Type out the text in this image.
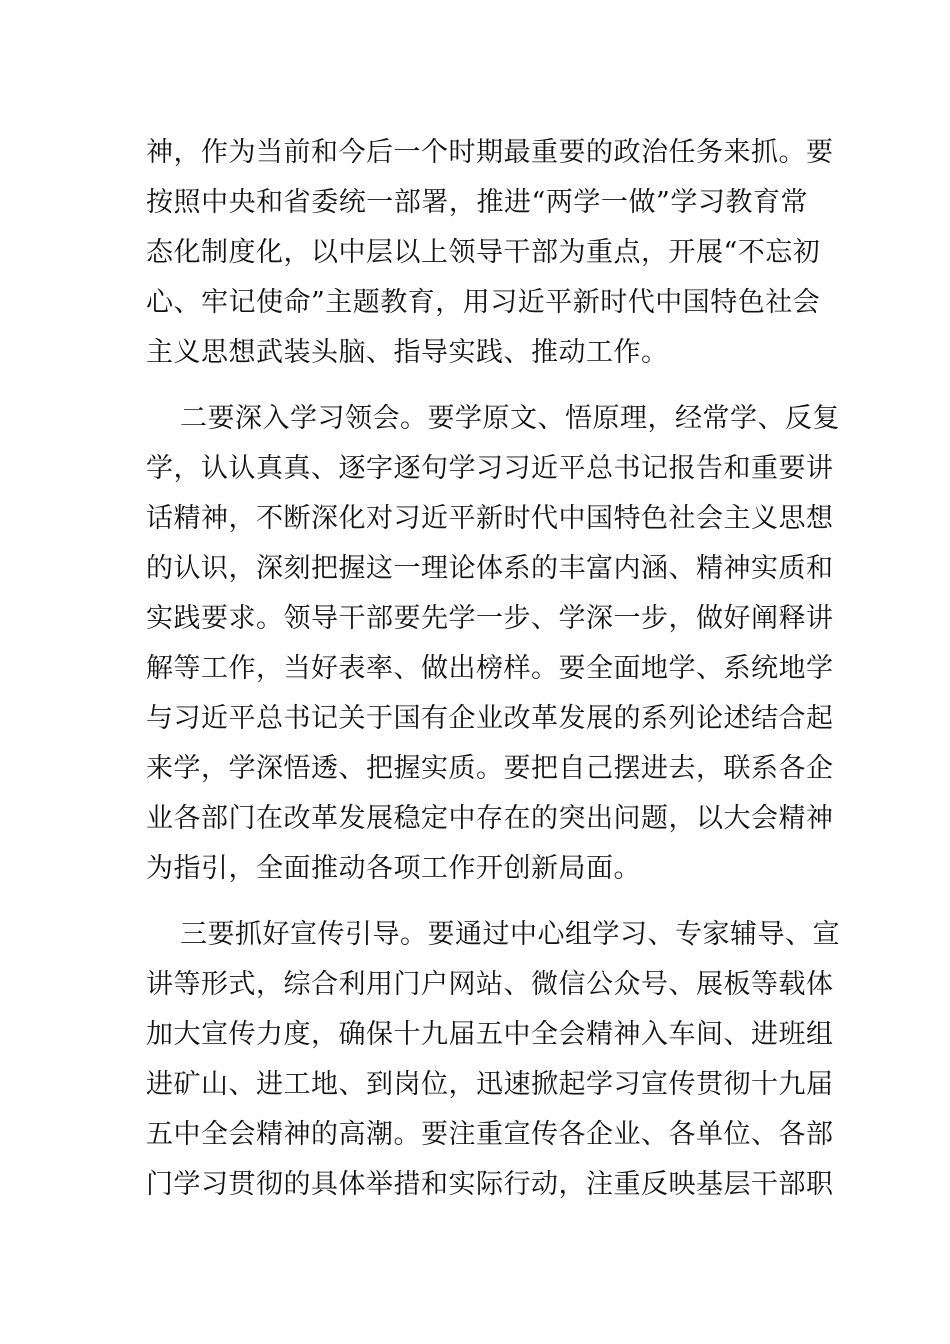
神，作为当前和今后一个时期最重要的政治任务来抓。要
按照中央和省委统一部署，推进“两学一做”学习教育常
态化制度化，以中层以上领导干部为重点，开展“不忘初
心、牢记使命”主题教育，用习近平新时代中国特色社会
主义思想武装头脑、指导实践、推动工作。
二要深入学习领会。要学原文、悟原理，经常学、反复
学，认认真真、逐字逐句学习习近平总书记报告和重要讲
话精神，不断深化对习近平新时代中国特色社会主义思想
的认识，深刻把握这一理论体系的丰富内涵、精神实质和
实践要求。领导干部要先学一步、学深一步，做好阐释讲
解等工作，当好表率、做出榜样。要全面地学、系统地学
与习近平总书记关于国有企业改革发展的系列论述结合起
来学，学深悟透、把握实质。要把自己摆进去，联系各企
业各部门在改革发展稳定中存在的突出问题，以大会精神
为指引，全面推动各项工作开创新局面。
三要抓好宣传引导。要通过中心组学习、专家辅导、宣
讲等形式，综合利用门户网站、微信公众号、展板等载体
加大宣传力度，确保十九届五中全会精神入车间、进班组
进矿山、进工地、到岗位，迅速掀起学习宣传贯彻十九届
五中全会精神的高潮。要注重宣传各企业、各单位、各部
门学习贯彻的具体举措和实际行动，注重反映基层干部职
